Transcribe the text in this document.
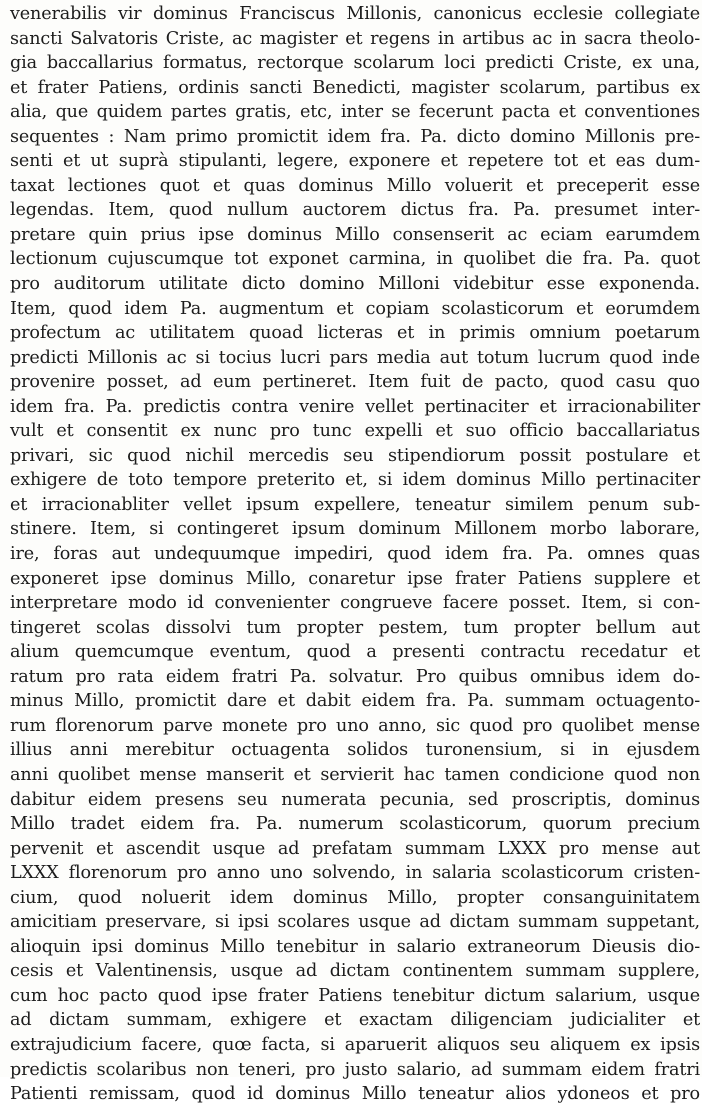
venerabilis vir dominus Franciscus Millonis, canonicus ecclesie collegiate
sancti Salvatoris Criste, ac magister et regens in artibus ac in sacra theolo-
gia baccallarius formatus, rectorque scolarum loci predicti Criste, ex una,
et frater Patiens, ordinis sancti Benedicti, magister scolarum, partibus ex
alia, que quidem partes gratis, etc, inter se fecerunt pacta et conventiones
sequentes : Nam primo promictit idem fra. Pa. dicto domino Millonis pre-
senti et ut suprà stipulanti, legere, exponere et repetere tot et eas dum-
taxat lectiones quot et quas dominus Millo voluerit et preceperit esse
legendas. Item, quod nullum auctorem dictus fra. Pa. presumet inter-
pretare quin prius ipse dominus Millo consenserit ac eciam earumdem
lectionum cujuscumque tot exponet carmina, in quolibet die fra. Pa. quot
pro auditorum utilitate dicto domino Milloni videbitur esse exponenda.
Item, quod idem Pa. augmentum et copiam scolasticorum et eorumdem
profectum ac utilitatem quoad licteras et in primis omnium poetarum
predicti Millonis ac si tocius lucri pars media aut totum lucrum quod inde
provenire posset, ad eum pertineret. Item fuit de pacto, quod casu quo
idem fra. Pa. predictis contra venire vellet pertinaciter et irracionabiliter
vult et consentit ex nunc pro tunc expelli et suo officio baccallariatus
privari, sic quod nichil mercedis seu stipendiorum possit postulare et
exhigere de toto tempore preterito et, si idem dominus Millo pertinaciter
et irracionabliter vellet ipsum expellere, teneatur similem penum sub-
stinere. Item, si contingeret ipsum dominum Millonem morbo laborare,
ire, foras aut undequumque impediri, quod idem fra. Pa. omnes quas
exponeret ipse dominus Millo, conaretur ipse frater Patiens supplere et
interpretare modo id convenienter congrueve facere posset. Item, si con-
tingeret scolas dissolvi tum propter pestem, tum propter bellum aut
alium quemcumque eventum, quod a presenti contractu recedatur et
ratum pro rata eidem fratri Pa. solvatur. Pro quibus omnibus idem do-
minus Millo, promictit dare et dabit eidem fra. Pa. summam octuagento-
rum florenorum parve monete pro uno anno, sic quod pro quolibet mense
illius anni merebitur octuagenta solidos turonensium, si in ejusdem
anni quolibet mense manserit et servierit hac tamen condicione quod non
dabitur eidem presens seu numerata pecunia, sed proscriptis, dominus
Millo tradet eidem fra. Pa. numerum scolasticorum, quorum precium
pervenit et ascendit usque ad prefatam summam LXXX pro mense aut
LXXX florenorum pro anno uno solvendo, in salaria scolasticorum cristen-
cium, quod noluerit idem dominus Millo, propter consanguinitatem
amicitiam preservare, si ipsi scolares usque ad dictam summam suppetant,
alioquin ipsi dominus Millo tenebitur in salario extraneorum Dieusis dio-
cesis et Valentinensis, usque ad dictam continentem summam supplere,
cum hoc pacto quod ipse frater Patiens tenebitur dictum salarium, usque
ad dictam summam, exhigere et exactam diligenciam judicialiter et
extrajudicium facere, quœ facta, si aparuerit aliquos seu aliquem ex ipsis
predictis scolaribus non teneri, pro justo salario, ad summam eidem fratri
Patienti remissam, quod id dominus Millo teneatur alios ydoneos et pro
